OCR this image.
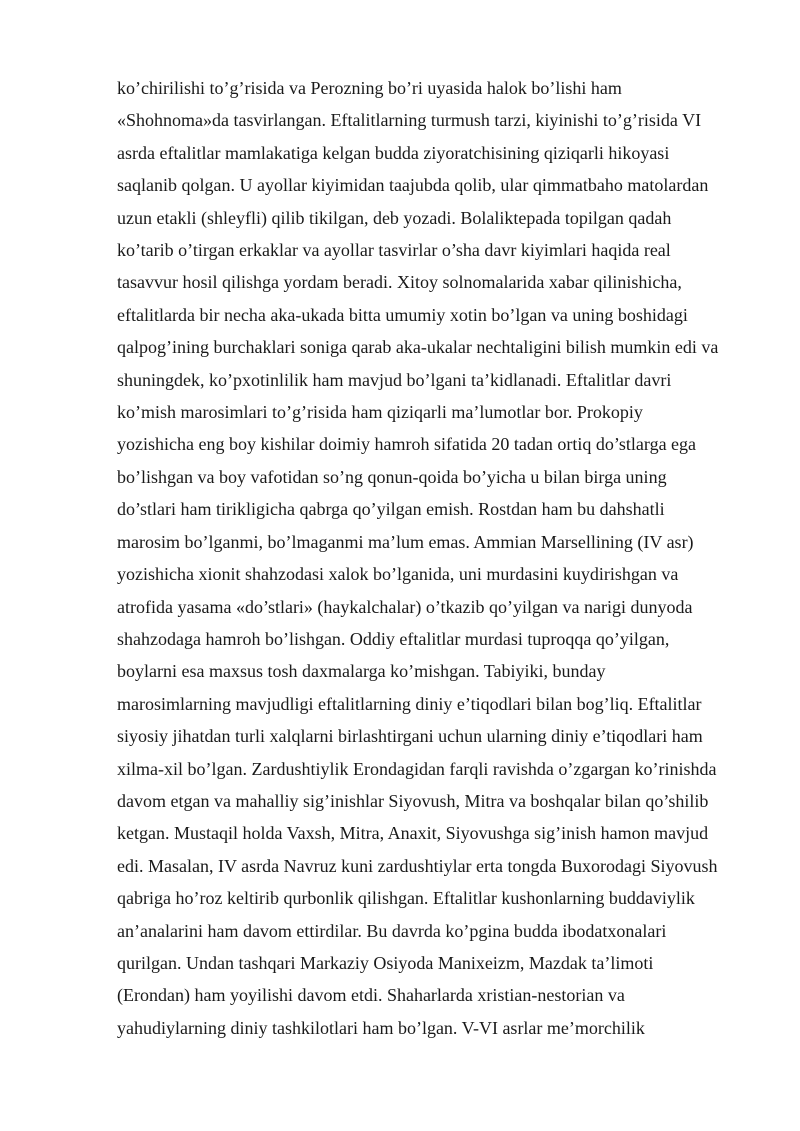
ko’chirilishi to’g’risida va Perozning bo’ri uyasida halok bo’lishi ham
«Shohnoma»da tasvirlangan. Eftalitlarning turmush tarzi, kiyinishi to’g’risida VI
asrda eftalitlar mamlakatiga kelgan budda ziyoratchisining qiziqarli hikoyasi
saqlanib qolgan. U ayollar kiyimidan taajubda qolib, ular qimmatbaho matolardan
uzun etakli (shleyfli) qilib tikilgan, deb yozadi. Bolaliktepada topilgan qadah
ko’tarib o’tirgan erkaklar va ayollar tasvirlar o’sha davr kiyimlari haqida real
tasavvur hosil qilishga yordam beradi. Xitoy solnomalarida xabar qilinishicha,
eftalitlarda bir necha aka-ukada bitta umumiy xotin bo’lgan va uning boshidagi
qalpog’ining burchaklari soniga qarab aka-ukalar nechtaligini bilish mumkin edi va
shuningdek, ko’pxotinlilik ham mavjud bo’lgani ta’kidlanadi. Eftalitlar davri
ko’mish marosimlari to’g’risida ham qiziqarli ma’lumotlar bor. Prokopiy
yozishicha eng boy kishilar doimiy hamroh sifatida 20 tadan ortiq do’stlarga ega
bo’lishgan va boy vafotidan so’ng qonun-qoida bo’yicha u bilan birga uning
do’stlari ham tirikligicha qabrga qo’yilgan emish. Rostdan ham bu dahshatli
marosim bo’lganmi, bo’lmaganmi ma’lum emas. Ammian Marsellining (IV asr)
yozishicha xionit shahzodasi xalok bo’lganida, uni murdasini kuydirishgan va
atrofida yasama «do’stlari» (haykalchalar) o’tkazib qo’yilgan va narigi dunyoda
shahzodaga hamroh bo’lishgan. Oddiy eftalitlar murdasi tuproqqa qo’yilgan,
boylarni esa maxsus tosh daxmalarga ko’mishgan. Tabiyiki, bunday
marosimlarning mavjudligi eftalitlarning diniy e’tiqodlari bilan bog’liq. Eftalitlar
siyosiy jihatdan turli xalqlarni birlashtirgani uchun ularning diniy e’tiqodlari ham
xilma-xil bo’lgan. Zardushtiylik Erondagidan farqli ravishda o’zgargan ko’rinishda
davom etgan va mahalliy sig’inishlar Siyovush, Mitra va boshqalar bilan qo’shilib
ketgan. Mustaqil holda Vaxsh, Mitra, Anaxit, Siyovushga sig’inish hamon mavjud
edi. Masalan, IV asrda Navruz kuni zardushtiylar erta tongda Buxorodagi Siyovush
qabriga ho’roz keltirib qurbonlik qilishgan. Eftalitlar kushonlarning buddaviylik
an’analarini ham davom ettirdilar. Bu davrda ko’pgina budda ibodatxonalari
qurilgan. Undan tashqari Markaziy Osiyoda Manixeizm, Mazdak ta’limoti
(Erondan) ham yoyilishi davom etdi. Shaharlarda xristian-nestorian va
yahudiylarning diniy tashkilotlari ham bo’lgan. V-VI asrlar me’morchilik
